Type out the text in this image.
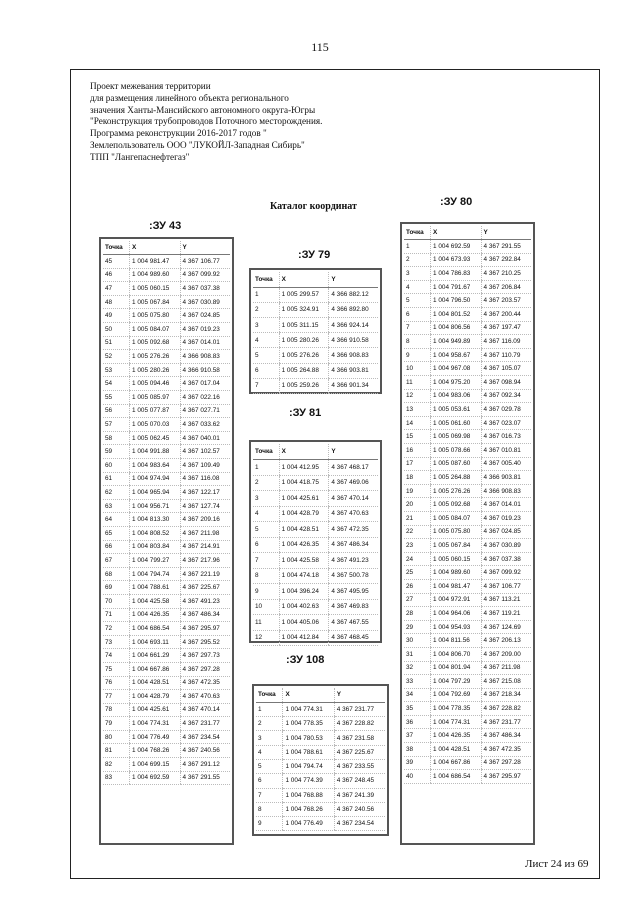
115
Проект межевания территории
для размещения линейного объекта регионального
значения Ханты-Мансийского автономного округа-Югры
"Реконструкция трубопроводов Поточного месторождения.
Программа реконструкции 2016-2017 годов "
Землепользователь ООО "ЛУКОЙЛ-Западная Сибирь"
ТПП "Лангепаснефтегаз"
Каталог координат
:ЗУ 43
Точка	X	Y
45	1 004 981.47	4 367 106.77
46	1 004 989.60	4 367 099.92
47	1 005 060.15	4 367 037.38
48	1 005 067.84	4 367 030.89
49	1 005 075.80	4 367 024.85
50	1 005 084.07	4 367 019.23
51	1 005 092.68	4 367 014.01
52	1 005 276.26	4 366 908.83
53	1 005 280.26	4 366 910.58
54	1 005 094.46	4 367 017.04
55	1 005 085.97	4 367 022.16
56	1 005 077.87	4 367 027.71
57	1 005 070.03	4 367 033.62
58	1 005 062.45	4 367 040.01
59	1 004 991.88	4 367 102.57
60	1 004 983.64	4 367 109.49
61	1 004 974.94	4 367 116.08
62	1 004 965.94	4 367 122.17
63	1 004 956.71	4 367 127.74
64	1 004 813.30	4 367 209.16
65	1 004 808.52	4 367 211.98
66	1 004 803.84	4 367 214.91
67	1 004 799.27	4 367 217.96
68	1 004 794.74	4 367 221.19
69	1 004 788.61	4 367 225.67
70	1 004 425.58	4 367 491.23
71	1 004 426.35	4 367 486.34
72	1 004 686.54	4 367 295.97
73	1 004 693.11	4 367 295.52
74	1 004 661.29	4 367 297.73
75	1 004 667.86	4 367 297.28
76	1 004 428.51	4 367 472.35
77	1 004 428.79	4 367 470.63
78	1 004 425.61	4 367 470.14
79	1 004 774.31	4 367 231.77
80	1 004 776.49	4 367 234.54
81	1 004 768.26	4 367 240.56
82	1 004 699.15	4 367 291.12
83	1 004 692.59	4 367 291.55
:ЗУ 79
Точка	X	Y
1	1 005 299.57	4 366 882.12
2	1 005 324.91	4 366 892.80
3	1 005 311.15	4 366 924.14
4	1 005 280.26	4 366 910.58
5	1 005 276.26	4 366 908.83
6	1 005 264.88	4 366 903.81
7	1 005 259.26	4 366 901.34
:ЗУ 81
Точка	X	Y
1	1 004 412.95	4 367 468.17
2	1 004 418.75	4 367 469.06
3	1 004 425.61	4 367 470.14
4	1 004 428.79	4 367 470.63
5	1 004 428.51	4 367 472.35
6	1 004 426.35	4 367 486.34
7	1 004 425.58	4 367 491.23
8	1 004 474.18	4 367 500.78
9	1 004 396.24	4 367 495.95
10	1 004 402.63	4 367 469.83
11	1 004 405.06	4 367 467.55
12	1 004 412.84	4 367 468.45
:ЗУ 108
Точка	X	Y
1	1 004 774.31	4 367 231.77
2	1 004 778.35	4 367 228.82
3	1 004 780.53	4 367 231.58
4	1 004 788.61	4 367 225.67
5	1 004 794.74	4 367 233.55
6	1 004 774.39	4 367 248.45
7	1 004 768.88	4 367 241.39
8	1 004 768.26	4 367 240.56
9	1 004 776.49	4 367 234.54
:ЗУ 80
Точка	X	Y
1	1 004 692.59	4 367 291.55
2	1 004 673.93	4 367 292.84
3	1 004 786.83	4 367 210.25
4	1 004 791.67	4 367 206.84
5	1 004 796.50	4 367 203.57
6	1 004 801.52	4 367 200.44
7	1 004 806.56	4 367 197.47
8	1 004 949.89	4 367 116.09
9	1 004 958.67	4 367 110.79
10	1 004 967.08	4 367 105.07
11	1 004 975.20	4 367 098.94
12	1 004 983.06	4 367 092.34
13	1 005 053.61	4 367 029.78
14	1 005 061.60	4 367 023.07
15	1 005 069.98	4 367 016.73
16	1 005 078.66	4 367 010.81
17	1 005 087.60	4 367 005.40
18	1 005 264.88	4 366 903.81
19	1 005 276.26	4 366 908.83
20	1 005 092.68	4 367 014.01
21	1 005 084.07	4 367 019.23
22	1 005 075.80	4 367 024.85
23	1 005 067.84	4 367 030.89
24	1 005 060.15	4 367 037.38
25	1 004 989.60	4 367 099.92
26	1 004 981.47	4 367 106.77
27	1 004 972.91	4 367 113.21
28	1 004 964.06	4 367 119.21
29	1 004 954.93	4 367 124.69
30	1 004 811.56	4 367 206.13
31	1 004 806.70	4 367 209.00
32	1 004 801.94	4 367 211.98
33	1 004 797.29	4 367 215.08
34	1 004 792.69	4 367 218.34
35	1 004 778.35	4 367 228.82
36	1 004 774.31	4 367 231.77
37	1 004 426.35	4 367 486.34
38	1 004 428.51	4 367 472.35
39	1 004 667.86	4 367 297.28
40	1 004 686.54	4 367 295.97
Лист 24 из 69
